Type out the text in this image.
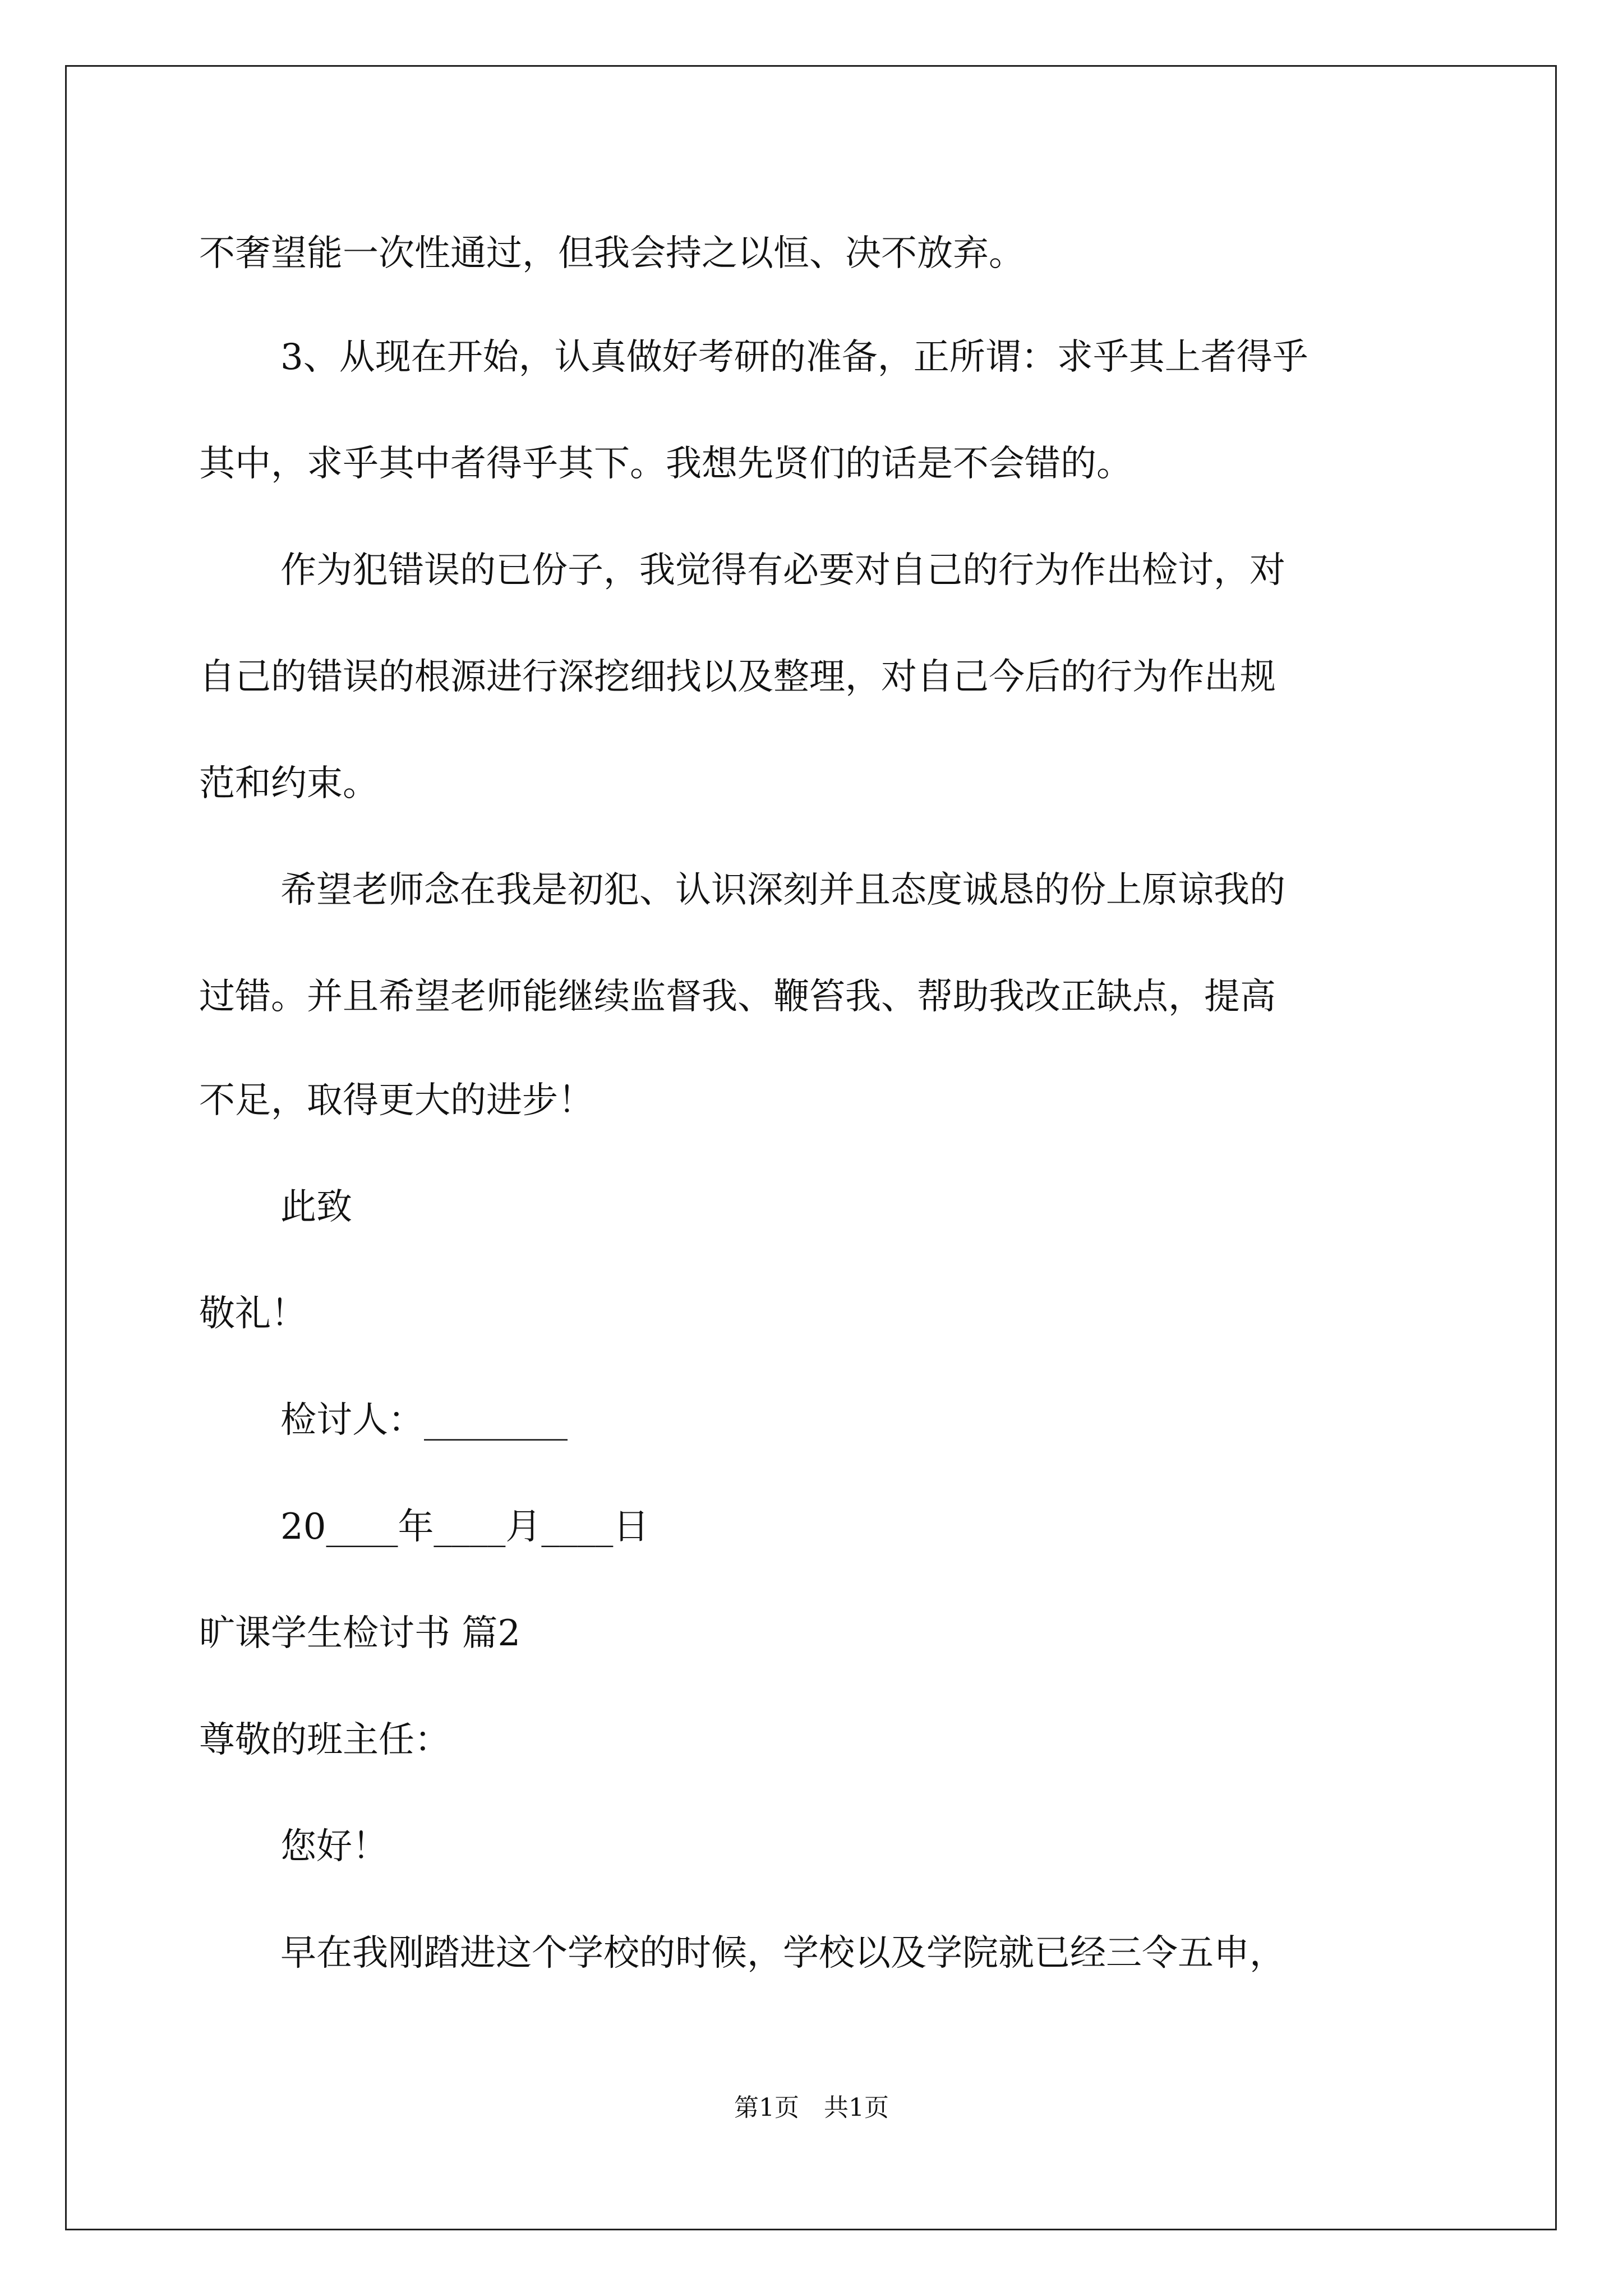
不奢望能一次性通过，但我会持之以恒、决不放弃。
3、从现在开始，认真做好考研的准备，正所谓：求乎其上者得乎
其中，求乎其中者得乎其下。我想先贤们的话是不会错的。
作为犯错误的已份子，我觉得有必要对自己的行为作出检讨，对
自己的错误的根源进行深挖细找以及整理，对自己今后的行为作出规
范和约束。
希望老师念在我是初犯、认识深刻并且态度诚恳的份上原谅我的
过错。并且希望老师能继续监督我、鞭笞我、帮助我改正缺点，提高
不足，取得更大的进步！
此致
敬礼！
检讨人：________
20____年____月____日
旷课学生检讨书 篇2
尊敬的班主任：
您好！
早在我刚踏进这个学校的时候，学校以及学院就已经三令五申，
第1页　共1页
